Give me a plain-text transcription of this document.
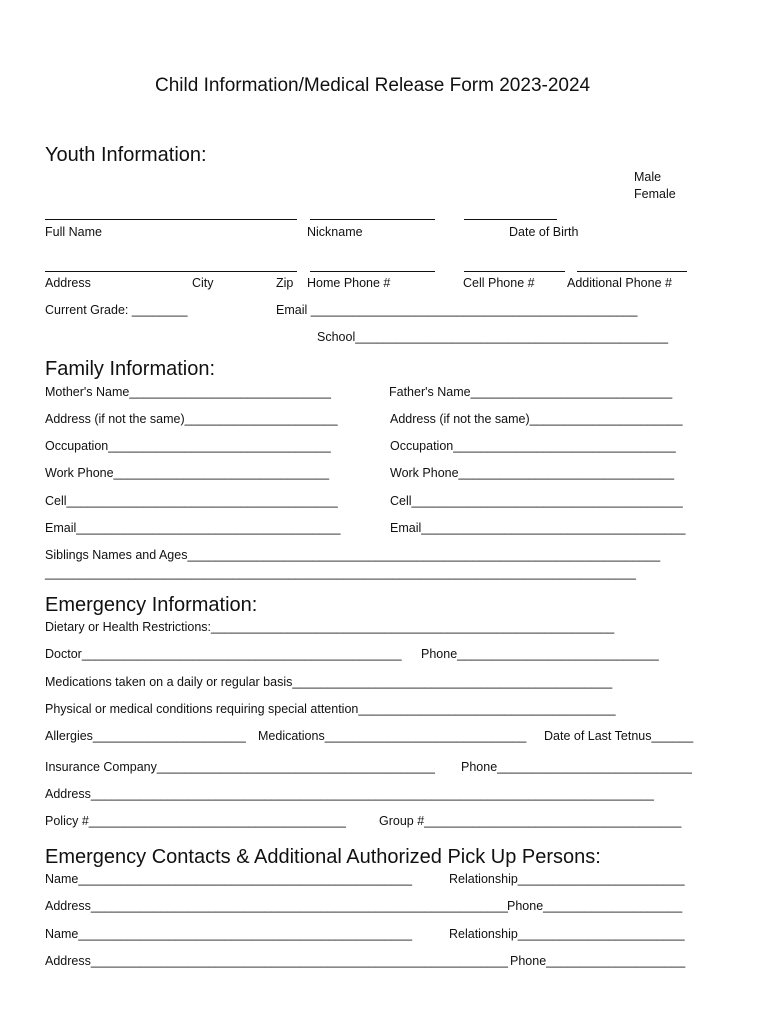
Child Information/Medical Release Form 2023-2024
Youth Information:
Male
Female
Full Name	Nickname	Date of Birth
Address	City	Zip Home Phone #	Cell Phone #	Additional Phone #
Current Grade: ________	Email _______________________________________________
School_____________________________________________
Family Information:
Mother's Name_____________________________	Father's Name_____________________________
Address (if not the same)______________________	Address (if not the same)______________________
Occupation________________________________	Occupation________________________________
Work Phone_______________________________	Work Phone_______________________________
Cell_______________________________________	Cell_______________________________________
Email______________________________________	Email______________________________________
Siblings Names and Ages____________________________________________________________________
_____________________________________________________________________________________
Emergency Information:
Dietary or Health Restrictions:__________________________________________________________
Doctor______________________________________________ Phone_____________________________
Medications taken on a daily or regular basis______________________________________________
Physical or medical conditions requiring special attention_____________________________________
Allergies______________________ Medications_____________________________ Date of Last Tetnus______
Insurance Company________________________________________ Phone____________________________
Address_________________________________________________________________________________
Policy #_____________________________________	Group #_____________________________________
Emergency Contacts & Additional Authorized Pick Up Persons:
Name________________________________________________	Relationship________________________
Address____________________________________________________________ Phone____________________
Name________________________________________________	Relationship________________________
Address____________________________________________________________ Phone____________________
